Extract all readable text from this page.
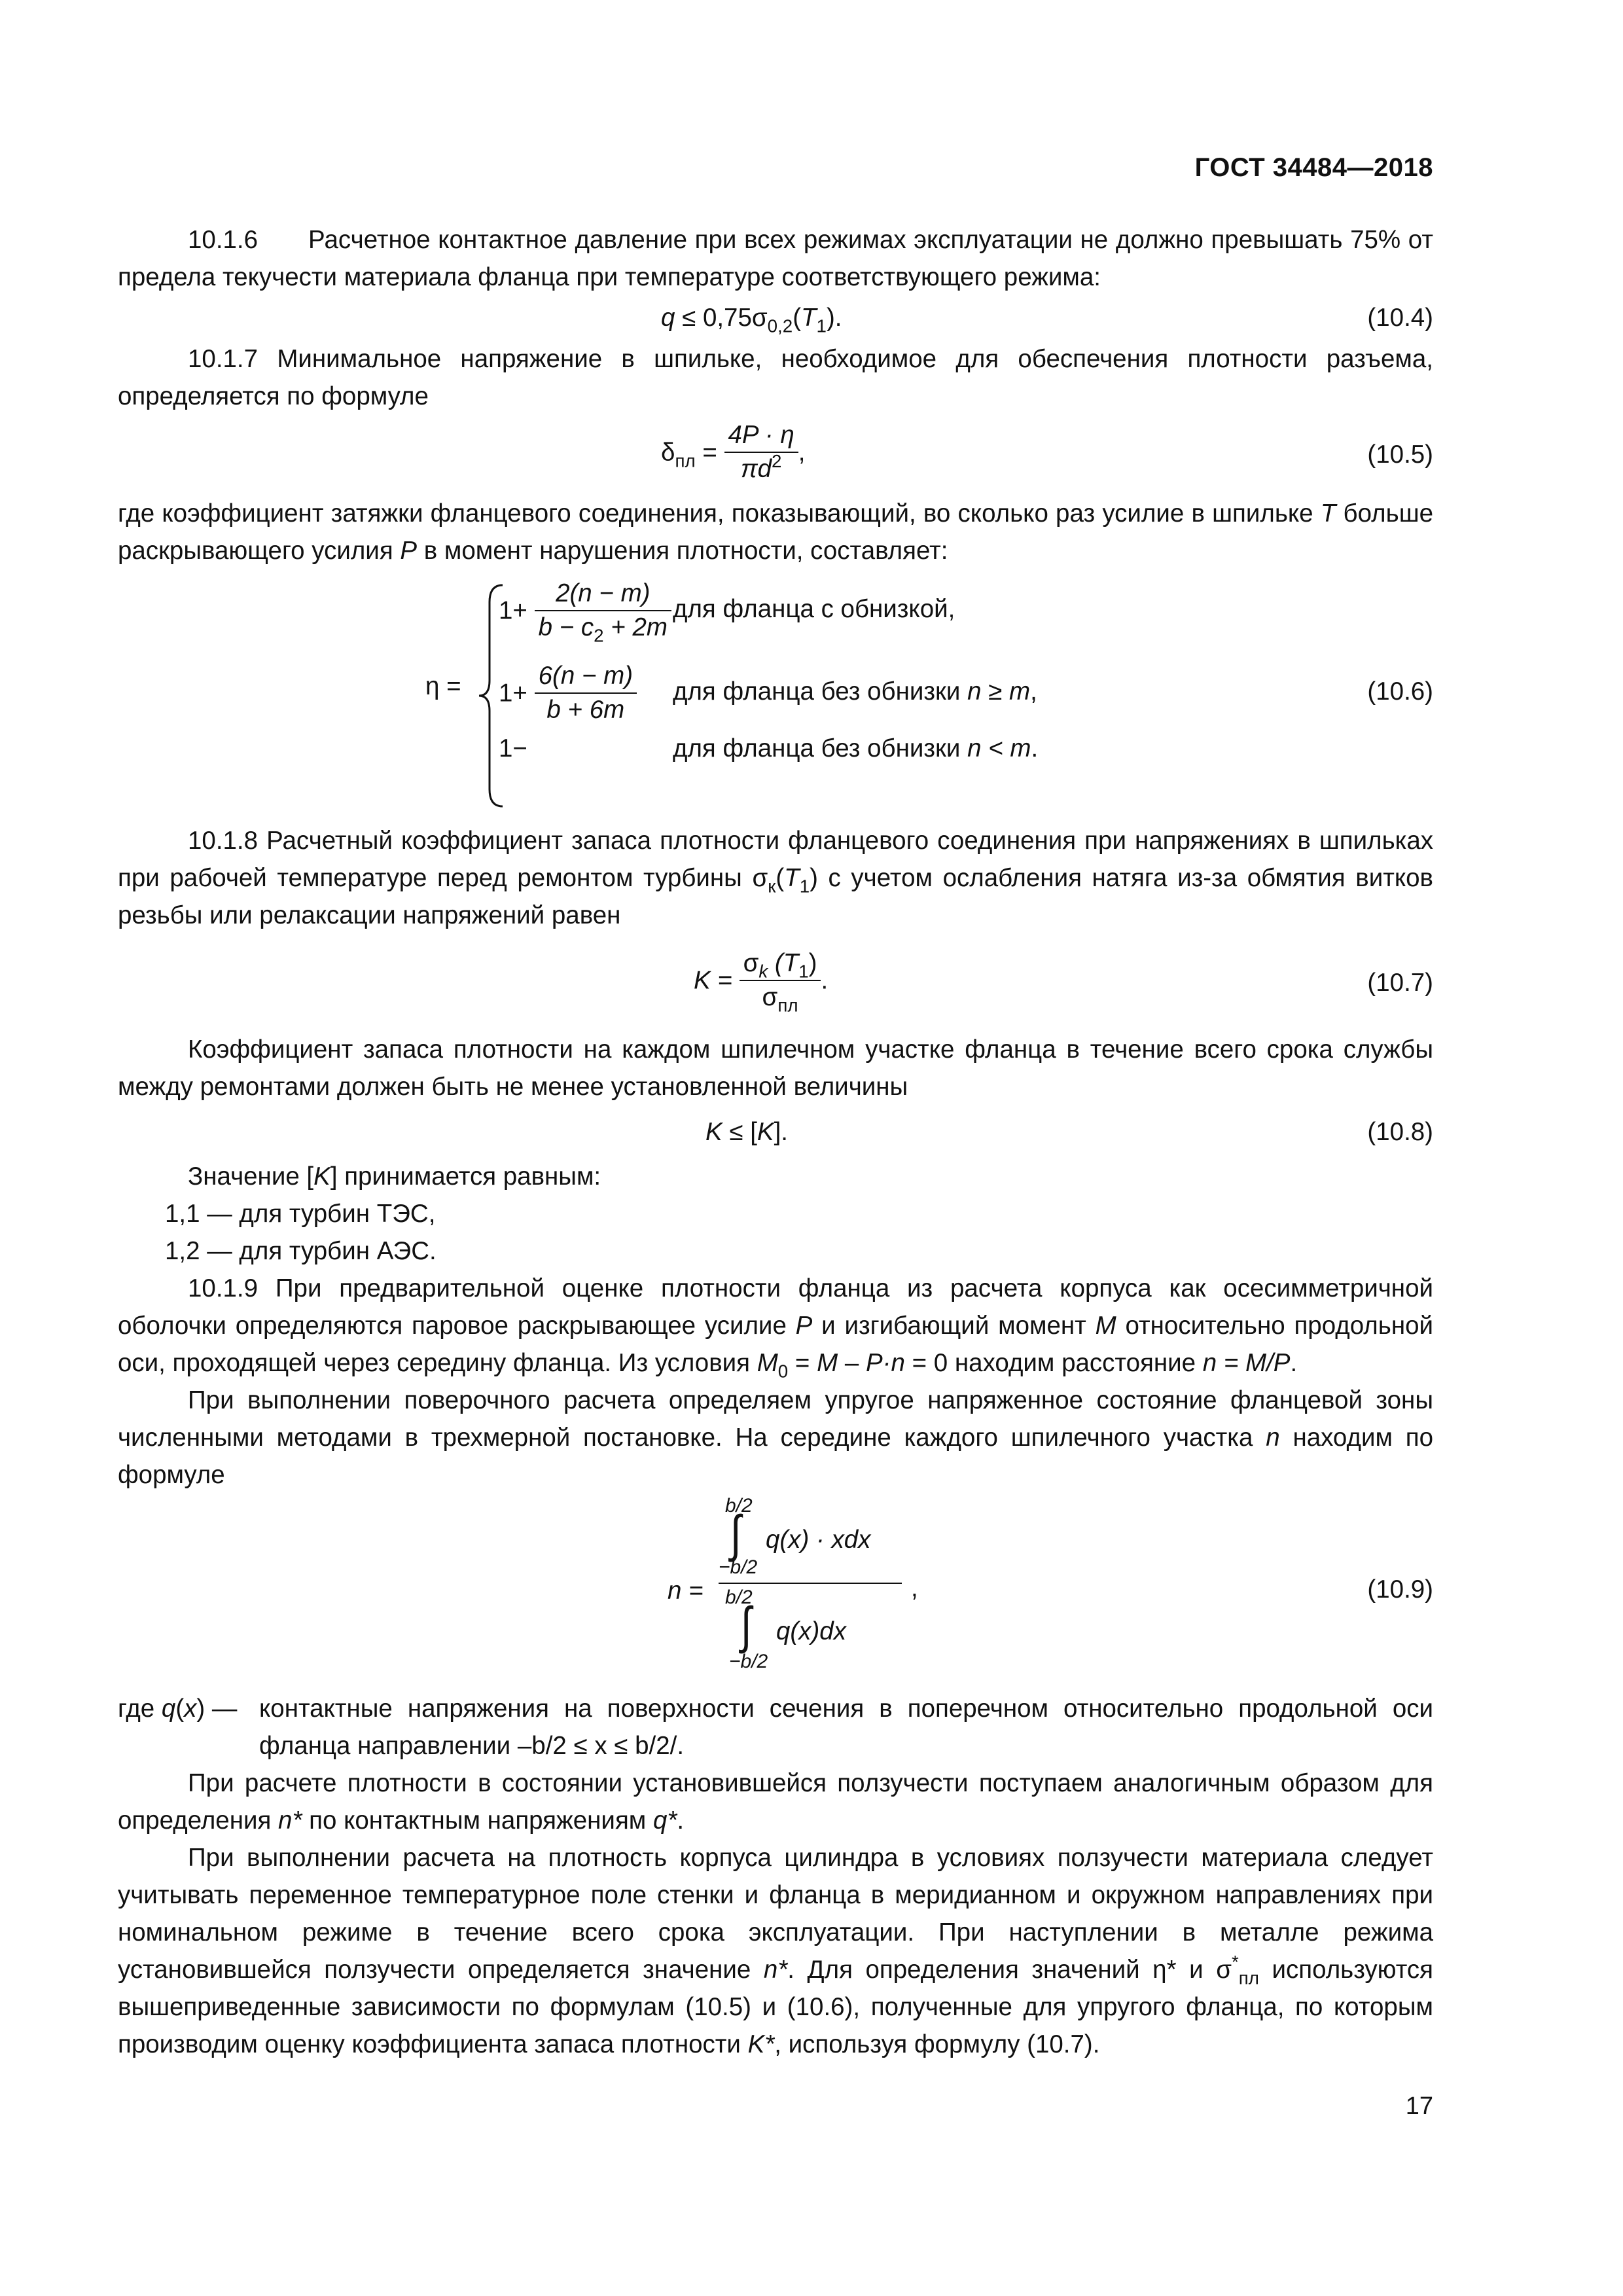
ГОСТ 34484—2018

10.1.6  Расчетное контактное давление при всех режимах эксплуатации не должно превышать 75% от предела текучести материала фланца при температуре соответствующего режима:

$q \le 0,75\sigma_{0,2}(T_1)$.	(10.4)

10.1.7 Минимальное напряжение в шпильке, необходимое для обеспечения плотности разъема, определяется по формуле

$\delta_{пл} = \frac{4P \cdot \eta}{\pi d^2}$ ,	(10.5)

где коэффициент затяжки фланцевого соединения, показывающий, во сколько раз усилие в шпильке T больше раскрывающего усилия P в момент нарушения плотности, составляет:

η =
$1+ \frac{2(n - m)}{b - c_2 + 2m}$ для фланца с обнизкой,
$1+ \frac{6(n - m)}{b + 6m}$ для фланца без обнизки n ≥ m,
1−	для фланца без обнизки n < m.
(10.6)

10.1.8 Расчетный коэффициент запаса плотности фланцевого соединения при напряжениях в шпильках при рабочей температуре перед ремонтом турбины $\sigma_к(T_1)$ с учетом ослабления натяга из-за обмятия витков резьбы или релаксации напряжений равен

$K = \frac{\sigma_k (T_1)}{\sigma_{пл}}$ .	(10.7)

Коэффициент запаса плотности на каждом шпилечном участке фланца в течение всего срока службы между ремонтами должен быть не менее установленной величины

K ≤ [K].	(10.8)

Значение [K] принимается равным:

1,1 — для турбин ТЭС,

1,2 — для турбин АЭС.

10.1.9 При предварительной оценке плотности фланца из расчета корпуса как осесимметричной оболочки определяются паровое раскрывающее усилие P и изгибающий момент M относительно продольной оси, проходящей через середину фланца. Из условия $M_0 = M - P\cdot n = 0$ находим расстояние n = M/P.

При выполнении поверочного расчета определяем упругое напряженное состояние фланцевой зоны численными методами в трехмерной постановке. На середине каждого шпилечного участка n находим по формуле

n =
b/2
∫ q(x) · xdx
−b/2
,
b/2
∫ q(x)dx
−b/2
(10.9)
где q(x) — контактные напряжения на поверхности сечения в поперечном относительно продольной оси фланца направлении –b/2 ≤ x ≤ b/2/.

При расчете плотности в состоянии установившейся ползучести поступаем аналогичным образом для определения n* по контактным напряжениям q*.

При выполнении расчета на плотность корпуса цилиндра в условиях ползучести материала следует учитывать переменное температурное поле стенки и фланца в меридианном и окружном направлениях при номинальном режиме в течение всего срока эксплуатации. При наступлении в металле режима установившейся ползучести определяется значение n*. Для определения значений η* и $\sigma^*_{пл}$ используются вышеприведенные зависимости по формулам (10.5) и (10.6), полученные для упругого фланца, по которым производим оценку коэффициента запаса плотности K*, используя формулу (10.7).

17
